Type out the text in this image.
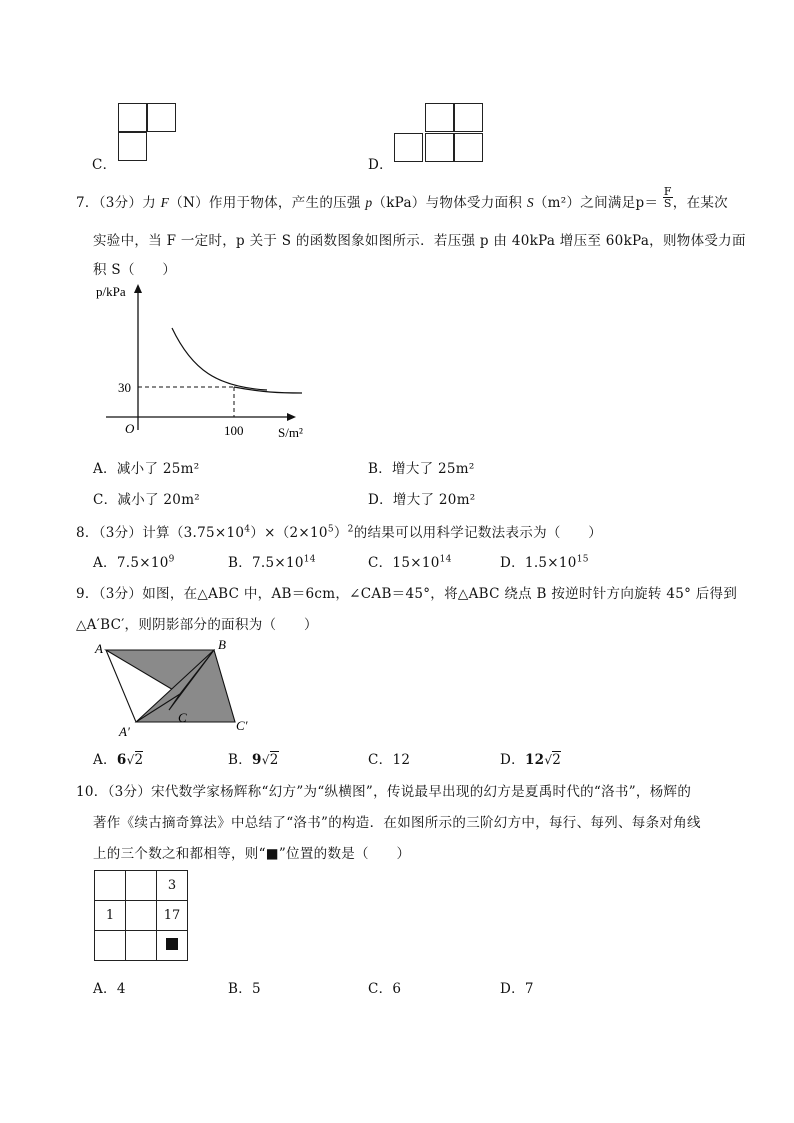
C．	D．
7．（3分）力 F（N）作用于物体，产生的压强 p（kPa）与物体受力面积 S（m²）之间满足$p= \frac{F}{S}$ ，在某次
实验中，当 F 一定时，p 关于 S 的函数图象如图所示．若压强 p 由 40kPa 增压至 60kPa，则物体受力面
积 S（　　）
p/kPa
30
O	100	S/m²
A．减小了 25m²	B．增大了 25m²
C．减小了 20m²	D．增大了 20m²
8．（3分）计算$(3.75\times 10^4)\times(2\times 10^5)^2$的结果可以用科学记数法表示为（　　）
A．$7.5\times 10^9$	B．$7.5\times 10^{14}$	C．$15\times 10^{14}$	D．$1.5\times 10^{15}$
9．（3分）如图，在△ABC 中，AB＝6cm，∠CAB＝45°，将△ABC 绕点 B 按逆时针方向旋转 45° 后得到
△A′BC′，则阴影部分的面积为（　　）
A	B
C
A′	C′
A．6√2	B．9√2	C．12	D．12√2
10．（3分）宋代数学家杨辉称“幻方”为“纵横图”，传说最早出现的幻方是夏禹时代的“洛书”，杨辉的
著作《续古摘奇算法》中总结了“洛书”的构造．在如图所示的三阶幻方中，每行、每列、每条对角线
上的三个数之和都相等，则“■”位置的数是（　　）
		3
1		17

A．4	B．5	C．6	D．7
